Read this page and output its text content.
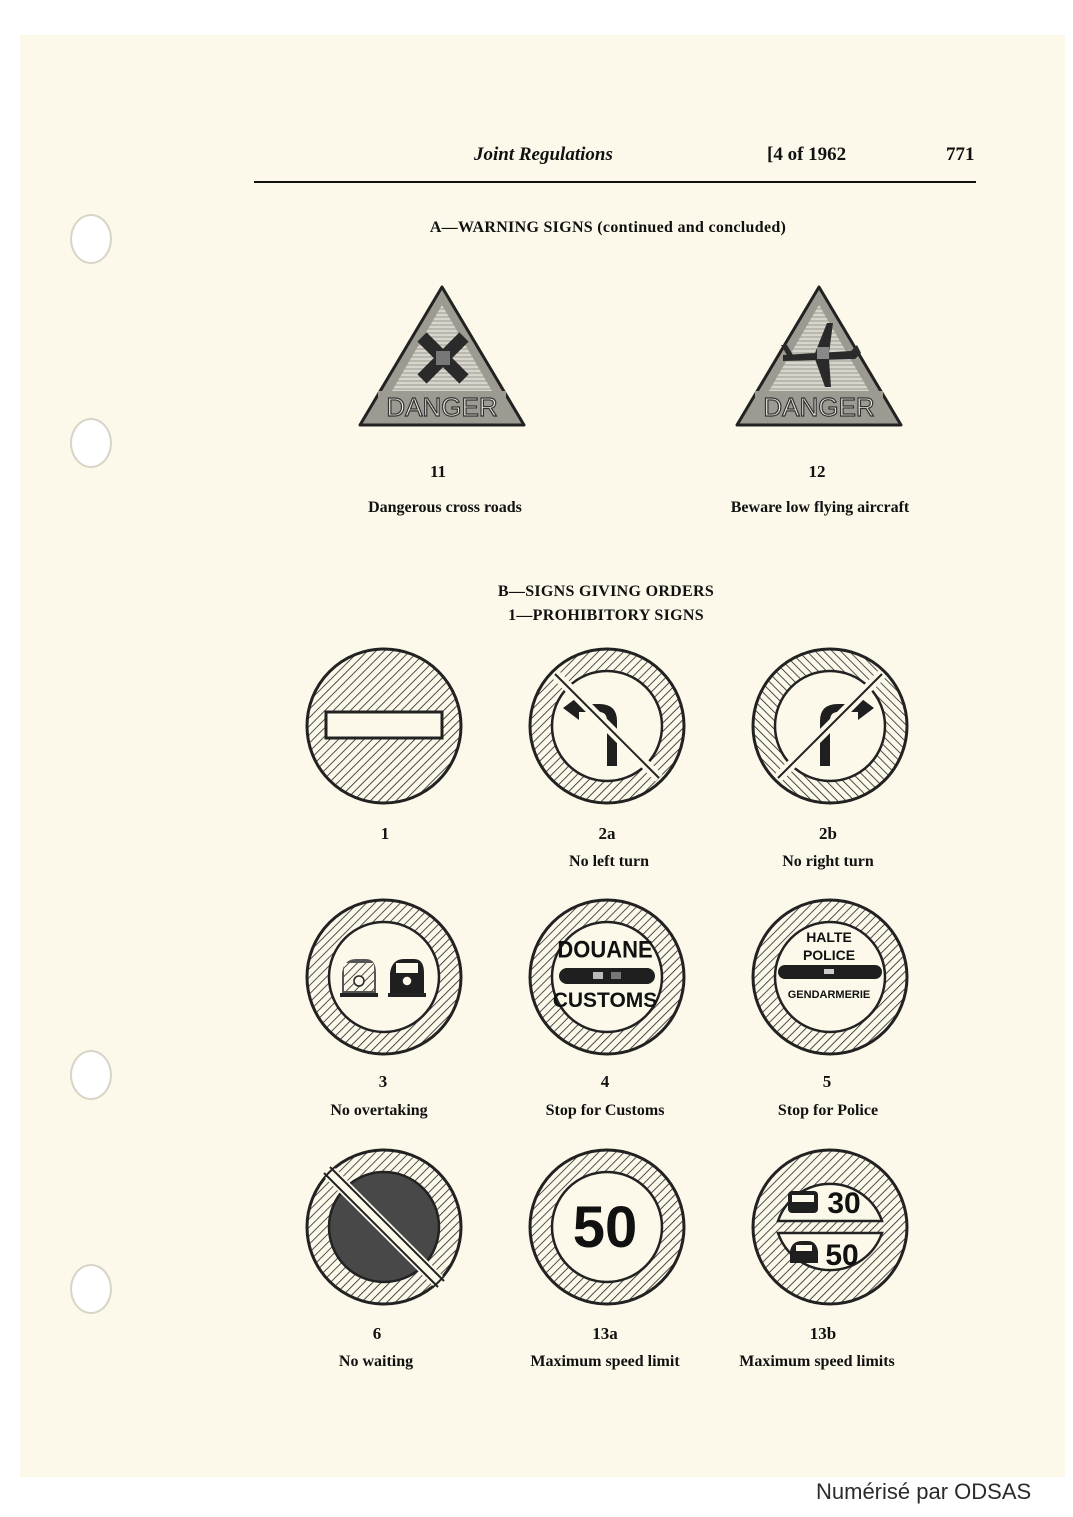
Joint Regulations	[4 of 1962	771
A—WARNING SIGNS (continued and concluded)
DANGER
11
Dangerous cross roads
DANGER
12
Beware low flying aircraft
B—SIGNS GIVING ORDERS
1—PROHIBITORY SIGNS
1	2a
No left turn
2b
No right turn
3
No overtaking
DOUANE
CUSTOMS
4
Stop for Customs
HALTE
POLICE
GENDARMERIE
5
Stop for Police
6
No waiting
50
13a
Maximum speed limit
30
50
13b
Maximum speed limits
Numérisé par ODSAS
